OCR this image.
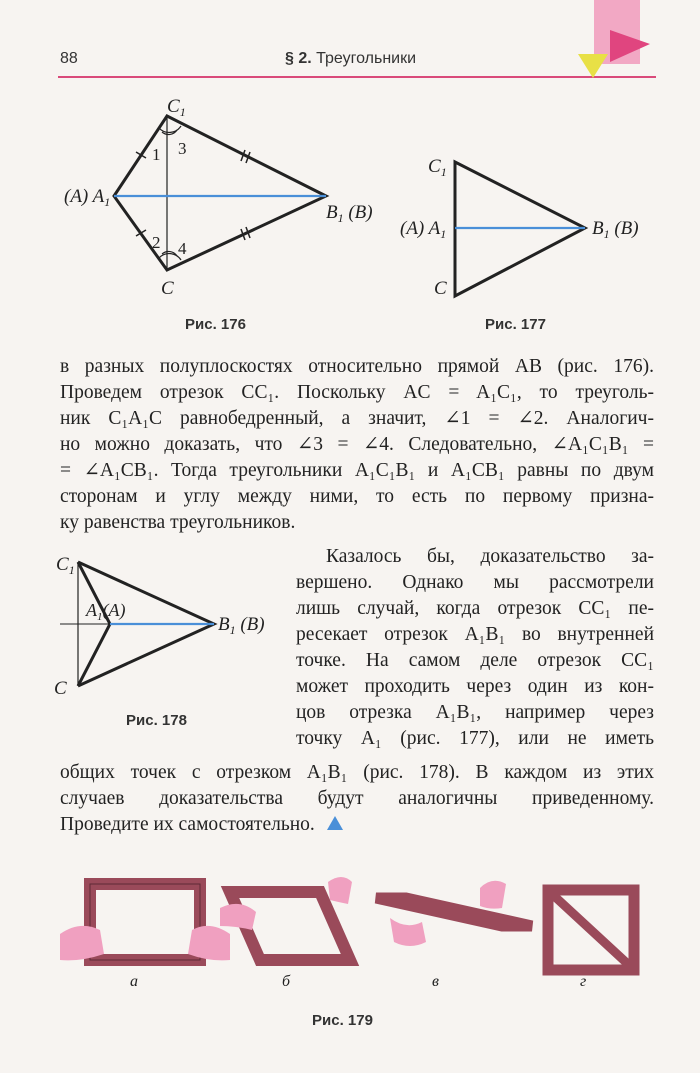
88	§ 2. Треугольники
$C_1$
(A) $A_1$	$B_1$ (B)
C
1 3
2 4
Рис. 176
$C_1$
(A) $A_1$	$B_1$ (B)
C
Рис. 177
в разных полуплоскостях относительно прямой AB (рис. 176).
Проведем отрезок CC₁. Поскольку AC = A₁C₁, то треуголь-
ник C₁A₁C равнобедренный, а значит, ∠1 = ∠2. Аналогич-
но можно доказать, что ∠3 = ∠4. Следовательно, ∠A₁C₁B₁ =
= ∠A₁CB₁. Тогда треугольники A₁C₁B₁ и A₁CB₁ равны по двум
сторонам и углу между ними, то есть по первому призна-
ку равенства треугольников.
$C_1$
$A_1(A)$
$B_1$ (B)
C
Рис. 178
Казалось бы, доказательство за-
вершено. Однако мы рассмотрели
лишь случай, когда отрезок CC₁ пе-
ресекает отрезок A₁B₁ во внутренней
точке. На самом деле отрезок CC₁
может проходить через один из кон-
цов отрезка A₁B₁, например через
точку A₁ (рис. 177), или не иметь
общих точек с отрезком A₁B₁ (рис. 178). В каждом из этих
случаев доказательства будут аналогичны приведенному.
Проведите их самостоятельно.
а	б	в	г
Рис. 179
